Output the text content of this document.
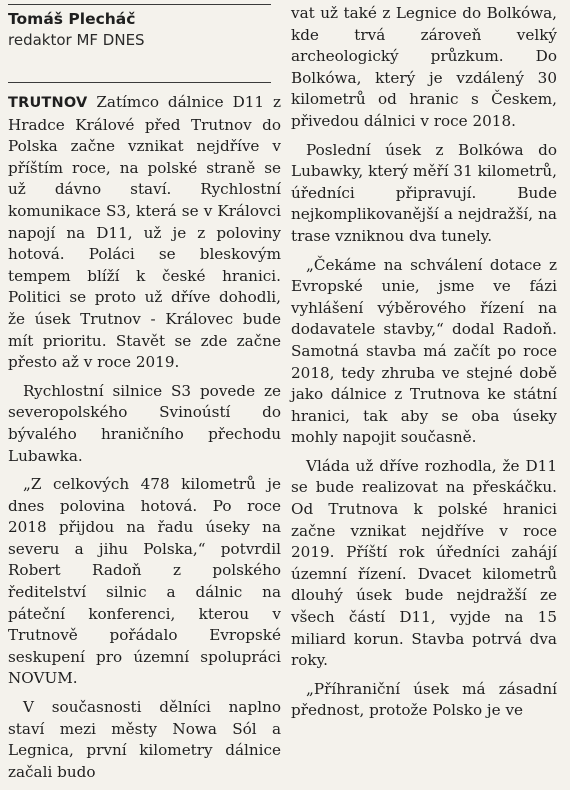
Tomáš Plecháč
redaktor MF DNES

TRUTNOV Zatímco dálnice D11 z Hradce Králové před Trutnov do Polska začne vznikat nejdříve v příštím roce, na polské straně se už dávno staví. Rychlostní komunikace S3, která se v Královci napojí na D11, už je z poloviny hotová. Poláci se bleskovým tempem blíží k české hranici. Politici se proto už dříve dohodli, že úsek Trutnov - Královec bude mít prioritu. Stavět se zde začne přesto až v roce 2019.

Rychlostní silnice S3 povede ze severopolského Svinoústí do bývalého hraničního přechodu Lubawka.

„Z celkových 478 kilometrů je dnes polovina hotová. Po roce 2018 přijdou na řadu úseky na severu a jihu Polska,“ potvrdil Robert Radoň z polského ředitelství silnic a dálnic na páteční konferenci, kterou v Trutnově pořádalo Evropské seskupení pro územní spolupráci NOVUM.

V současnosti dělníci naplno staví mezi městy Nowa Sól a Legnica, první kilometry dálnice začali budo

vat už také z Legnice do Bolkówa, kde trvá zároveň velký archeologický průzkum. Do Bolkówa, který je vzdálený 30 kilometrů od hranic s Českem, přivedou dálnici v roce 2018.

Poslední úsek z Bolkówa do Lubawky, který měří 31 kilometrů, úředníci připravují. Bude nejkomplikovanější a nejdražší, na trase vzniknou dva tunely.

„Čekáme na schválení dotace z Evropské unie, jsme ve fázi vyhlášení výběrového řízení na dodavatele stavby,“ dodal Radoň. Samotná stavba má začít po roce 2018, tedy zhruba ve stejné době jako dálnice z Trutnova ke státní hranici, tak aby se oba úseky mohly napojit současně.

Vláda už dříve rozhodla, že D11 se bude realizovat na přeskáčku. Od Trutnova k polské hranici začne vznikat nejdříve v roce 2019. Příští rok úředníci zahájí územní řízení. Dvacet kilometrů dlouhý úsek bude nejdražší ze všech částí D11, vyjde na 15 miliard korun. Stavba potrvá dva roky.

„Příhraniční úsek má zásadní přednost, protože Polsko je ve
